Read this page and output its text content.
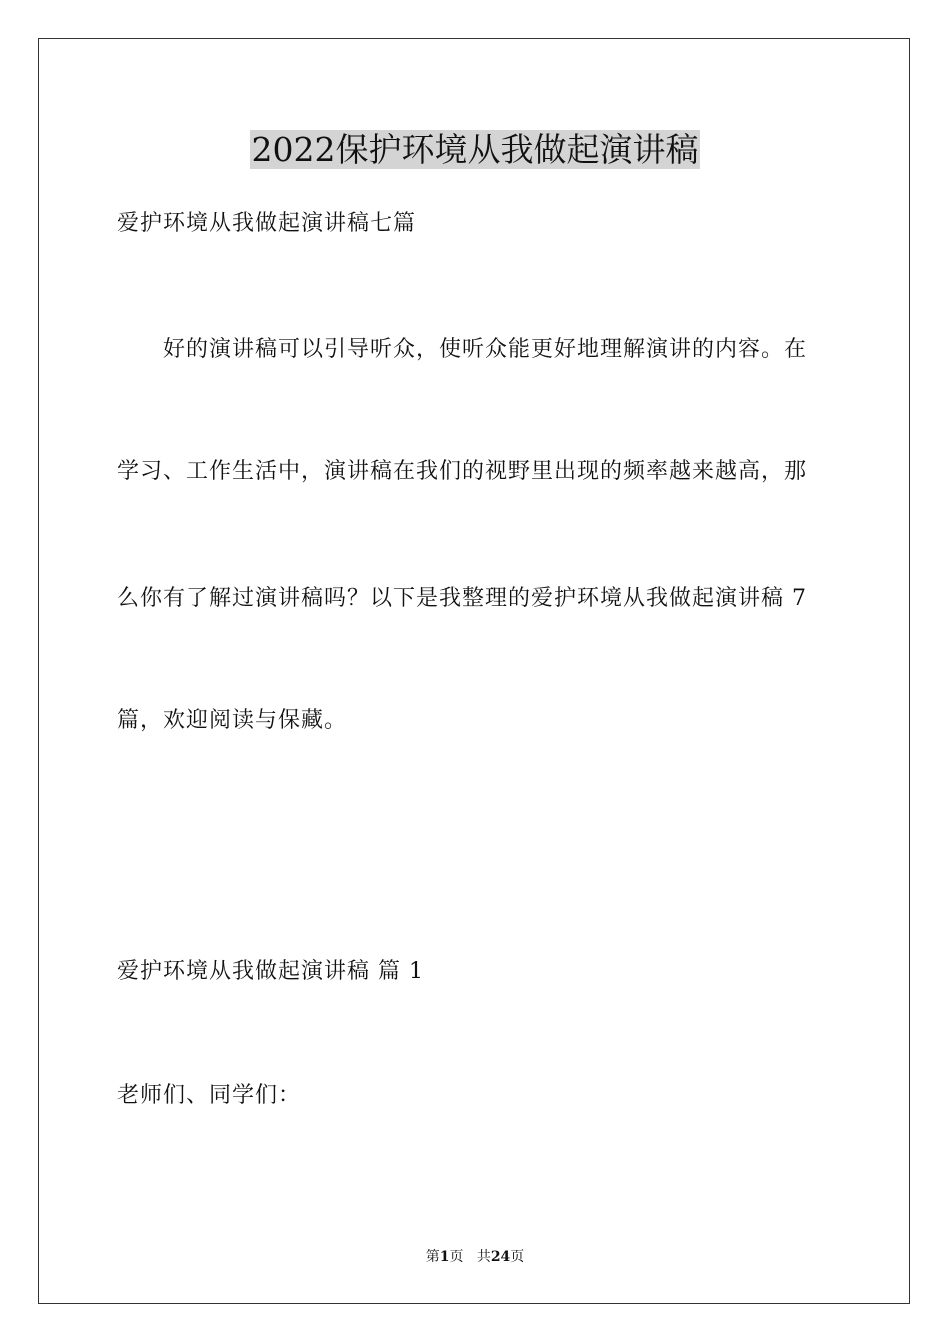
2022保护环境从我做起演讲稿
爱护环境从我做起演讲稿七篇
好的演讲稿可以引导听众，使听众能更好地理解演讲的内容。在
学习、工作生活中，演讲稿在我们的视野里出现的频率越来越高，那
么你有了解过演讲稿吗？以下是我整理的爱护环境从我做起演讲稿 7
篇，欢迎阅读与保藏。
爱护环境从我做起演讲稿 篇 1
老师们、同学们：
第1页 共24页
